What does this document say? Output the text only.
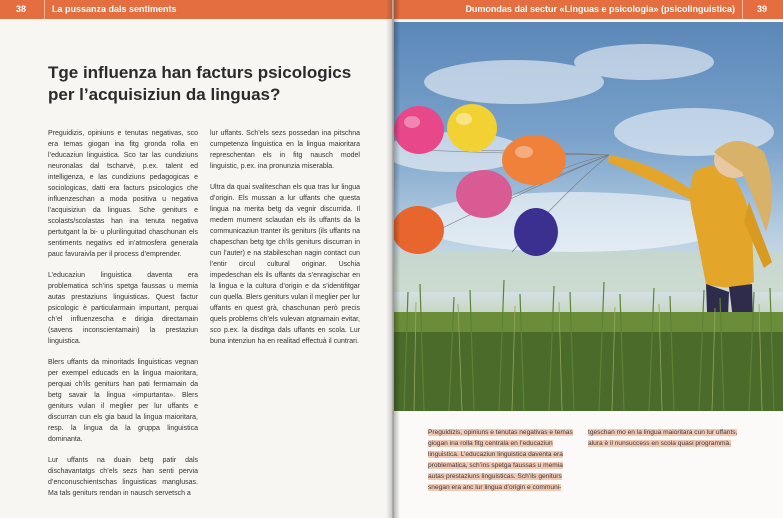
38	La pussanza dals sentiments
Tge influenza han facturs psicologics per l’acquisiziun da linguas?

Preguidizis, opiniuns e tenutas negativas, sco era temas giogan ina fitg gronda rolla en l’educaziun linguistica. Sco tar las cundiziuns neuronalas dal tscharvè, p.ex. talent ed intelligenza, e las cundiziuns pedagogicas e sociologicas, datti era facturs psicologics che influenzeschan a moda positiva u negativa l’acquisiziun da linguas. Sche geniturs e scolasts/scolastas han ina tenuta negativa pertutgant la bi- u plurilinguitad chaschunan els sentiments negativs ed in’atmosfera generala pauc favuraivla per il process d’emprender.

L’educaziun linguistica daventa era problematica sch’ins spetga faussas u memia autas prestaziuns linguisticas. Quest factur psicologic è particularmain impurtant, perquai ch’el influenzescha e dirigia directamain (savens inconscientamain) la prestaziun linguistica.

Blers uffants da minoritads linguisticas vegnan per exempel educads en la lingua maioritara, perquai ch’ils geniturs han pati fermamain da betg savair la lingua «impurtanta». Blers geniturs vulan il meglier per lur uffants e discurran cun els gia baud la lingua maioritara, resp. la lingua da la gruppa linguistica dominanta.

Lur uffants na duain betg patir dals dischavantatgs ch’els sezs han senti pervia d’enconuschientschas linguisticas manglusas. Ma tals geniturs rendan in nausch servetsch a

lur uffants. Sch’els sezs possedan ina pitschna cumpetenza linguistica en la lingua maioritara represchentan els in fitg nausch model linguistic, p.ex. ina pronunzia miserabla.

Ultra da quai svaliteschan els qua tras lur lingua d’origin. Els mussan a lur uffants che questa lingua na merita betg da vegnir discurrida. Il medem mument sclaudan els ils uffants da la communicaziun tranter ils geniturs (ils uffants na chapeschan betg tge ch’ils geniturs discurran in cun l’auter) e na stabileschan nagin contact cun l’entir circul cultural originar. Uschia impedeschan els ils uffants da s’enragischar en la lingua e la cultura d’origin e da s’identifitgar cun quella. Blers geniturs vulan il meglier per lur uffants en quest grà, chaschunan però precis quels problems ch’els vulevan atgnamain evitar, sco p.ex. la disditga dals uffants en scola. Lur buna intenziun ha en realitad effectuà il cuntrari.

Dumondas dal sectur «Linguas e psicologia» (psicolinguistica) 39
Preguidizis, opiniuns e tenutas negativas e temas giogan ina rolla fitg centrala en l’educaziun linguistica. L’educaziun linguistica daventa era problematica, sch’ins spetga faussas u memia autas prestaziuns linguisticas. Sch’ils geniturs snegan era anc lur lingua d’origin e communi-
tgeschan mo en la lingua maioritara cun lur uffants, alura è il nunsuccess en scola quasi programmà.
